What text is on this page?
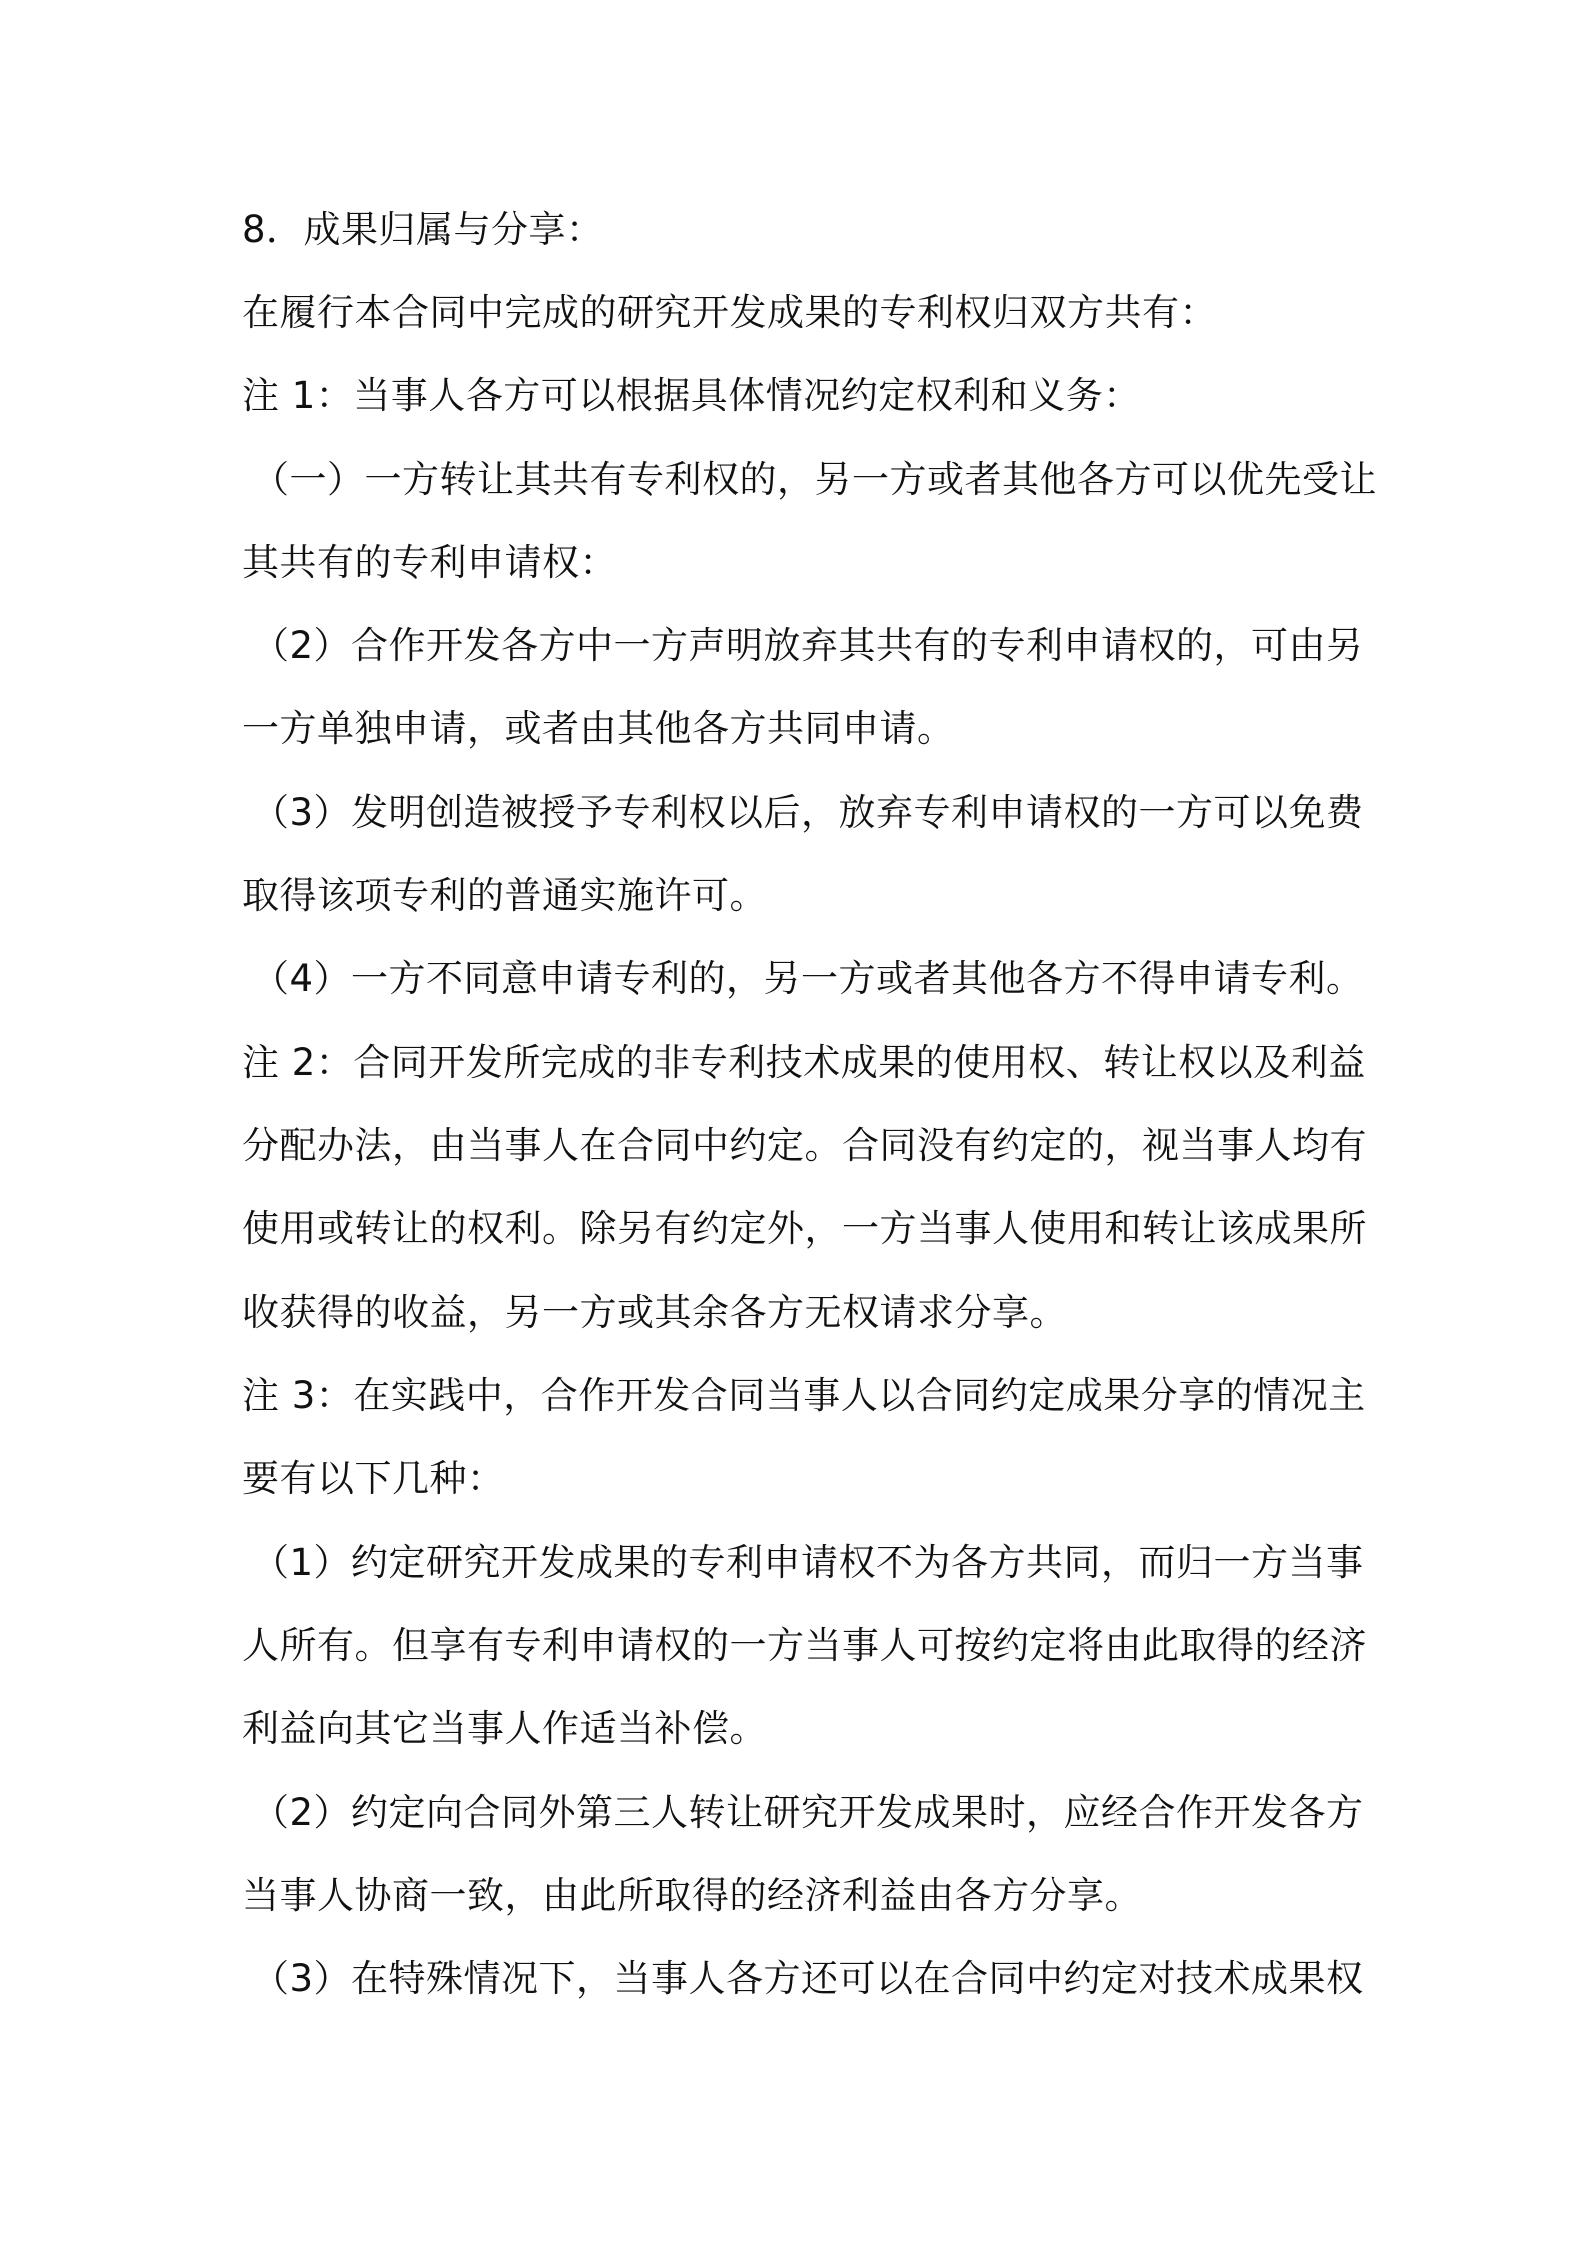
8．成果归属与分享：
在履行本合同中完成的研究开发成果的专利权归双方共有：
注 1：当事人各方可以根据具体情况约定权利和义务：
（一）一方转让其共有专利权的，另一方或者其他各方可以优先受让
其共有的专利申请权：
（2）合作开发各方中一方声明放弃其共有的专利申请权的，可由另
一方单独申请，或者由其他各方共同申请。
（3）发明创造被授予专利权以后，放弃专利申请权的一方可以免费
取得该项专利的普通实施许可。
（4）一方不同意申请专利的，另一方或者其他各方不得申请专利。
注 2：合同开发所完成的非专利技术成果的使用权、转让权以及利益
分配办法，由当事人在合同中约定。合同没有约定的，视当事人均有
使用或转让的权利。除另有约定外，一方当事人使用和转让该成果所
收获得的收益，另一方或其余各方无权请求分享。
注 3：在实践中，合作开发合同当事人以合同约定成果分享的情况主
要有以下几种：
（1）约定研究开发成果的专利申请权不为各方共同，而归一方当事
人所有。但享有专利申请权的一方当事人可按约定将由此取得的经济
利益向其它当事人作适当补偿。
（2）约定向合同外第三人转让研究开发成果时，应经合作开发各方
当事人协商一致，由此所取得的经济利益由各方分享。
（3）在特殊情况下，当事人各方还可以在合同中约定对技术成果权
